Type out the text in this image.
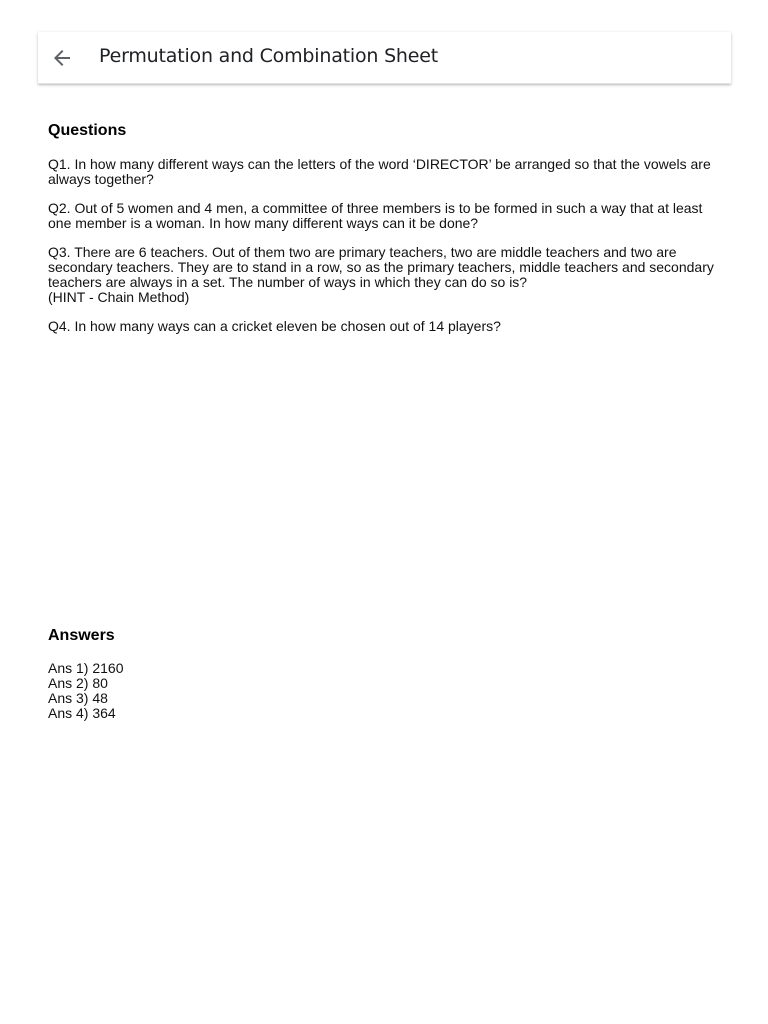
Permutation and Combination Sheet
Questions
Q1. In how many different ways can the letters of the word ‘DIRECTOR’ be arranged so that the vowels are always together?
Q2. Out of 5 women and 4 men, a committee of three members is to be formed in such a way that at least one member is a woman. In how many different ways can it be done?
Q3. There are 6 teachers. Out of them two are primary teachers, two are middle teachers and two are secondary teachers. They are to stand in a row, so as the primary teachers, middle teachers and secondary teachers are always in a set. The number of ways in which they can do so is?
(HINT - Chain Method)
Q4. In how many ways can a cricket eleven be chosen out of 14 players?
Answers
Ans 1) 2160
Ans 2) 80
Ans 3) 48
Ans 4) 364
